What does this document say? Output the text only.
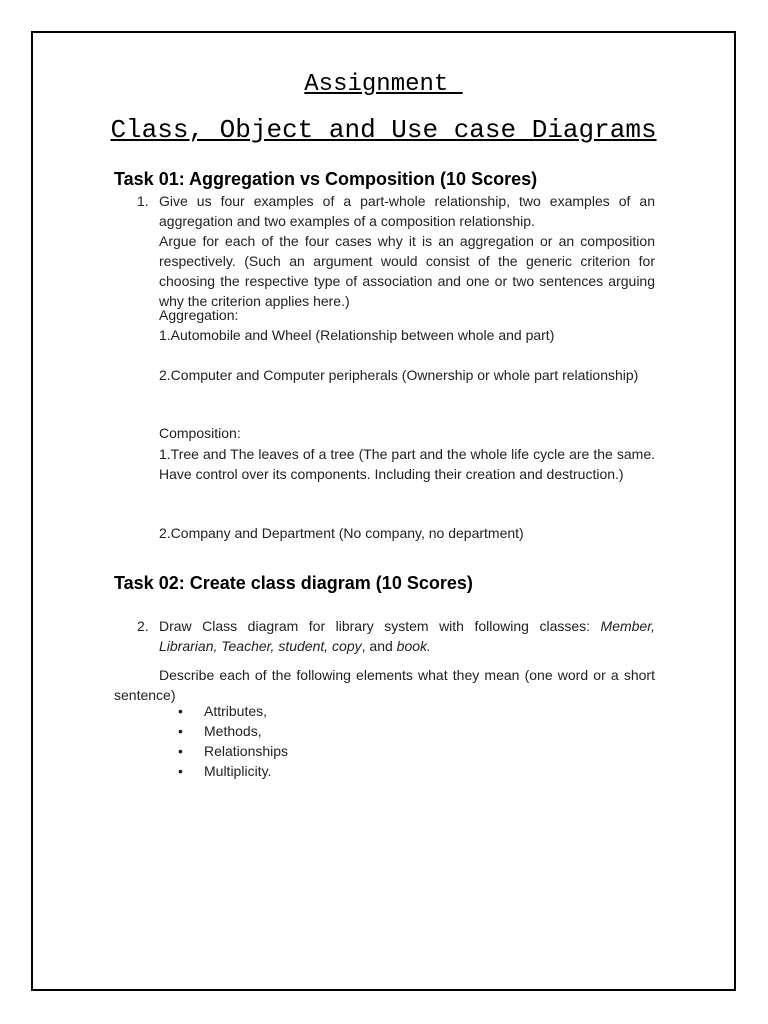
Assignment
Class, Object and Use case Diagrams
Task 01: Aggregation vs Composition (10 Scores)
1. Give us four examples of a part-whole relationship, two examples of an aggregation and two examples of a composition relationship.
Argue for each of the four cases why it is an aggregation or an composition respectively. (Such an argument would consist of the generic criterion for choosing the respective type of association and one or two sentences arguing why the criterion applies here.)
Aggregation:
1.Automobile and Wheel (Relationship between whole and part)
2.Computer and Computer peripherals (Ownership or whole part relationship)
Composition:
1.Tree and The leaves of a tree (The part and the whole life cycle are the same. Have control over its components. Including their creation and destruction.)
2.Company and Department (No company, no department)
Task 02: Create class diagram (10 Scores)
2. Draw Class diagram for library system with following classes: Member, Librarian, Teacher, student, copy, and book.
Describe each of the following elements what they mean (one word or a short sentence)
• Attributes,
• Methods,
• Relationships
• Multiplicity.
